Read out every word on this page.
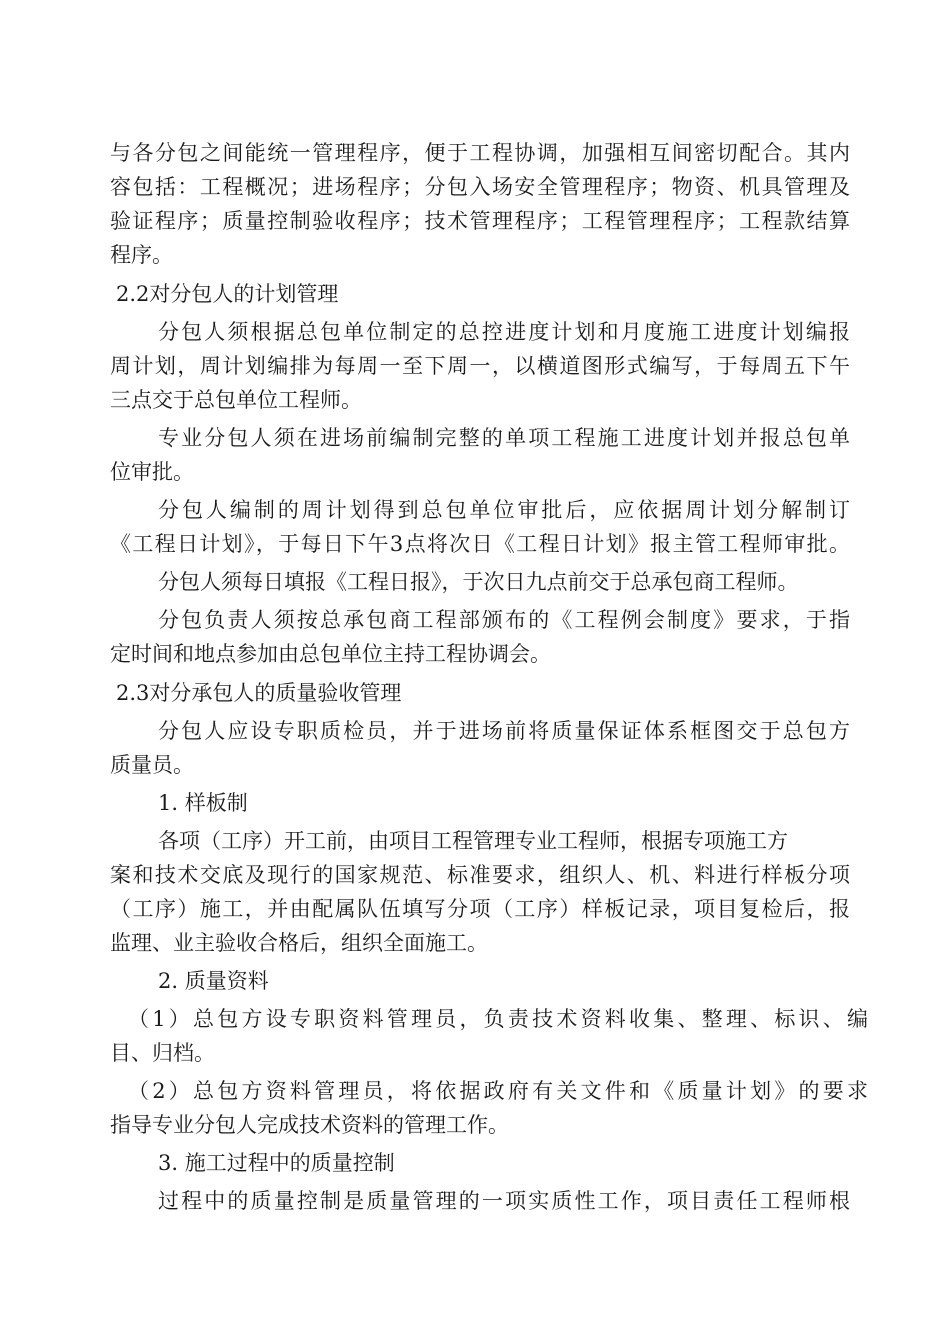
与各分包之间能统一管理程序，便于工程协调，加强相互间密切配合。其内

容包括：工程概况；进场程序；分包入场安全管理程序；物资、机具管理及

验证程序；质量控制验收程序；技术管理程序；工程管理程序；工程款结算

程序。

2.2对分包人的计划管理

分包人须根据总包单位制定的总控进度计划和月度施工进度计划编报

周计划，周计划编排为每周一至下周一，以横道图形式编写，于每周五下午

三点交于总包单位工程师。

专业分包人须在进场前编制完整的单项工程施工进度计划并报总包单

位审批。

分包人编制的周计划得到总包单位审批后，应依据周计划分解制订

《工程日计划》，于每日下午3点将次日《工程日计划》报主管工程师审批。

分包人须每日填报《工程日报》，于次日九点前交于总承包商工程师。

分包负责人须按总承包商工程部颁布的《工程例会制度》要求，于指

定时间和地点参加由总包单位主持工程协调会。

2.3对分承包人的质量验收管理

分包人应设专职质检员，并于进场前将质量保证体系框图交于总包方

质量员。

1. 样板制

各项（工序）开工前，由项目工程管理专业工程师，根据专项施工方

案和技术交底及现行的国家规范、标准要求，组织人、机、料进行样板分项

（工序）施工，并由配属队伍填写分项（工序）样板记录，项目复检后，报

监理、业主验收合格后，组织全面施工。

2. 质量资料

（1）总包方设专职资料管理员，负责技术资料收集、整理、标识、编

目、归档。

（2）总包方资料管理员，将依据政府有关文件和《质量计划》的要求

指导专业分包人完成技术资料的管理工作。

3. 施工过程中的质量控制

过程中的质量控制是质量管理的一项实质性工作，项目责任工程师根
